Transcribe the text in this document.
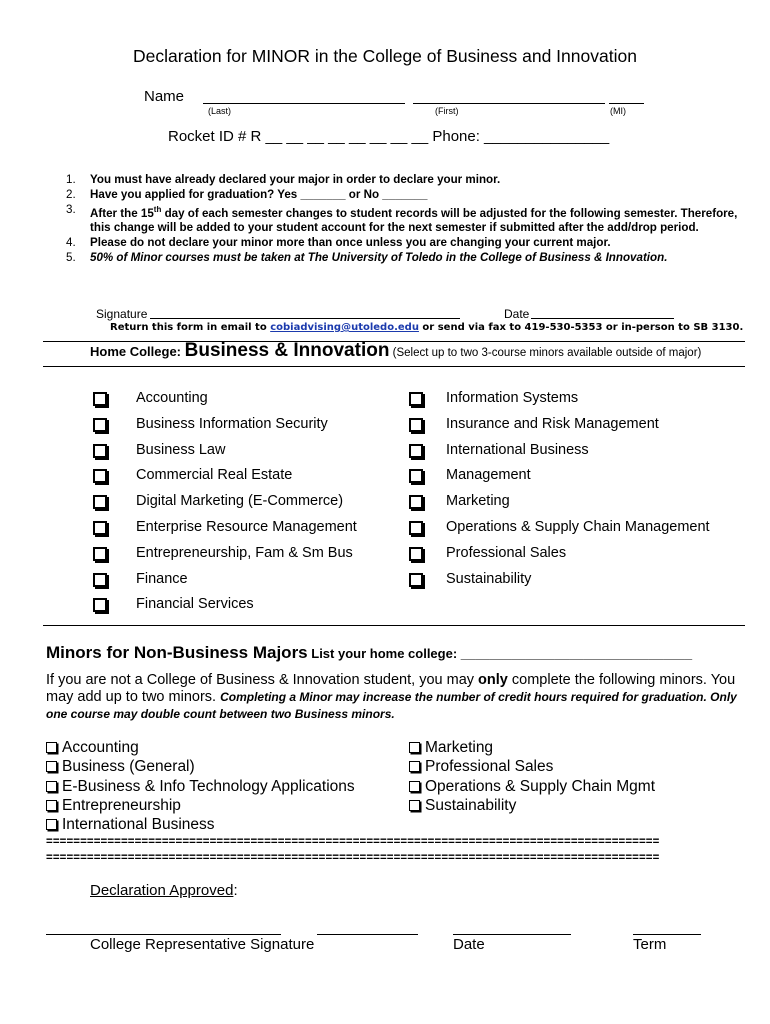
Declaration for MINOR in the College of Business and Innovation
Name
(Last)	(First)	(MI)
Rocket ID # R __ __ __ __ __ __ __ __ Phone: _______________
1.	You must have already declared your major in order to declare your minor.
2.	Have you applied for graduation? Yes _______ or No _______
3.	After the 15th day of each semester changes to student records will be adjusted for the following semester. Therefore, this change will be added to your student account for the next semester if submitted after the add/drop period.
4.	Please do not declare your minor more than once unless you are changing your current major.
5.	50% of Minor courses must be taken at The University of Toledo in the College of Business & Innovation.
Signature	Date
Return this form in email to cobiadvising@utoledo.edu or send via fax to 419-530-5353 or in-person to SB 3130.
Home College: Business & Innovation (Select up to two 3-course minors available outside of major)
Accounting
Business Information Security
Business Law
Commercial Real Estate
Digital Marketing (E-Commerce)
Enterprise Resource Management
Entrepreneurship, Fam & Sm Bus
Finance
Financial Services
Information Systems
Insurance and Risk Management
International Business
Management
Marketing
Operations & Supply Chain Management
Professional Sales
Sustainability
Minors for Non-Business Majors List your home college: ________________________________
If you are not a College of Business & Innovation student, you may only complete the following minors. You may add up to two minors. Completing a Minor may increase the number of credit hours required for graduation. Only one course may double count between two Business minors.
Accounting
Business (General)
E-Business & Info Technology Applications
Entrepreneurship
International Business
Marketing
Professional Sales
Operations & Supply Chain Mgmt
Sustainability
==========================================================================================
==========================================================================================
Declaration Approved:
College Representative Signature	Date	Term
